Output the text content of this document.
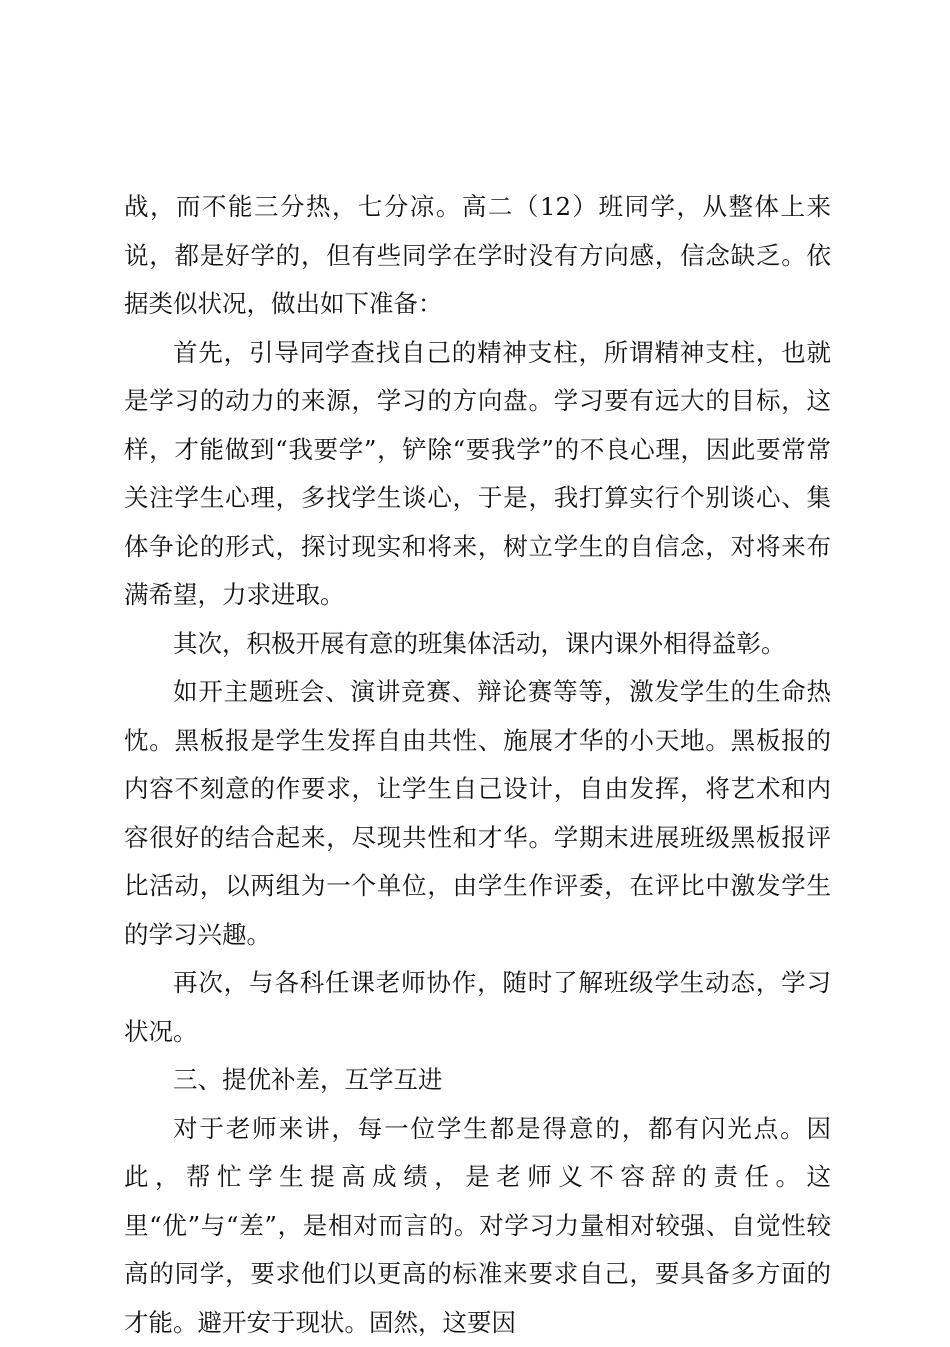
战，而不能三分热，七分凉。高二（12）班同学，从整体上来说，都是好学的，但有些同学在学时没有方向感，信念缺乏。依据类似状况，做出如下准备：

首先，引导同学查找自己的精神支柱，所谓精神支柱，也就是学习的动力的来源，学习的方向盘。学习要有远大的目标，这样，才能做到“我要学”，铲除“要我学”的不良心理，因此要常常关注学生心理，多找学生谈心，于是，我打算实行个别谈心、集体争论的形式，探讨现实和将来，树立学生的自信念，对将来布满希望，力求进取。

其次，积极开展有意的班集体活动，课内课外相得益彰。

如开主题班会、演讲竞赛、辩论赛等等，激发学生的生命热忱。黑板报是学生发挥自由共性、施展才华的小天地。黑板报的内容不刻意的作要求，让学生自己设计，自由发挥，将艺术和内容很好的结合起来，尽现共性和才华。学期末进展班级黑板报评比活动，以两组为一个单位，由学生作评委，在评比中激发学生的学习兴趣。

再次，与各科任课老师协作，随时了解班级学生动态，学习状况。

三、提优补差，互学互进

对于老师来讲，每一位学生都是得意的，都有闪光点。因此，帮忙学生提高成绩，是老师义不容辞的责任。这里“优”与“差”，是相对而言的。对学习力量相对较强、自觉性较高的同学，要求他们以更高的标准来要求自己，要具备多方面的才能。避开安于现状。固然，这要因
